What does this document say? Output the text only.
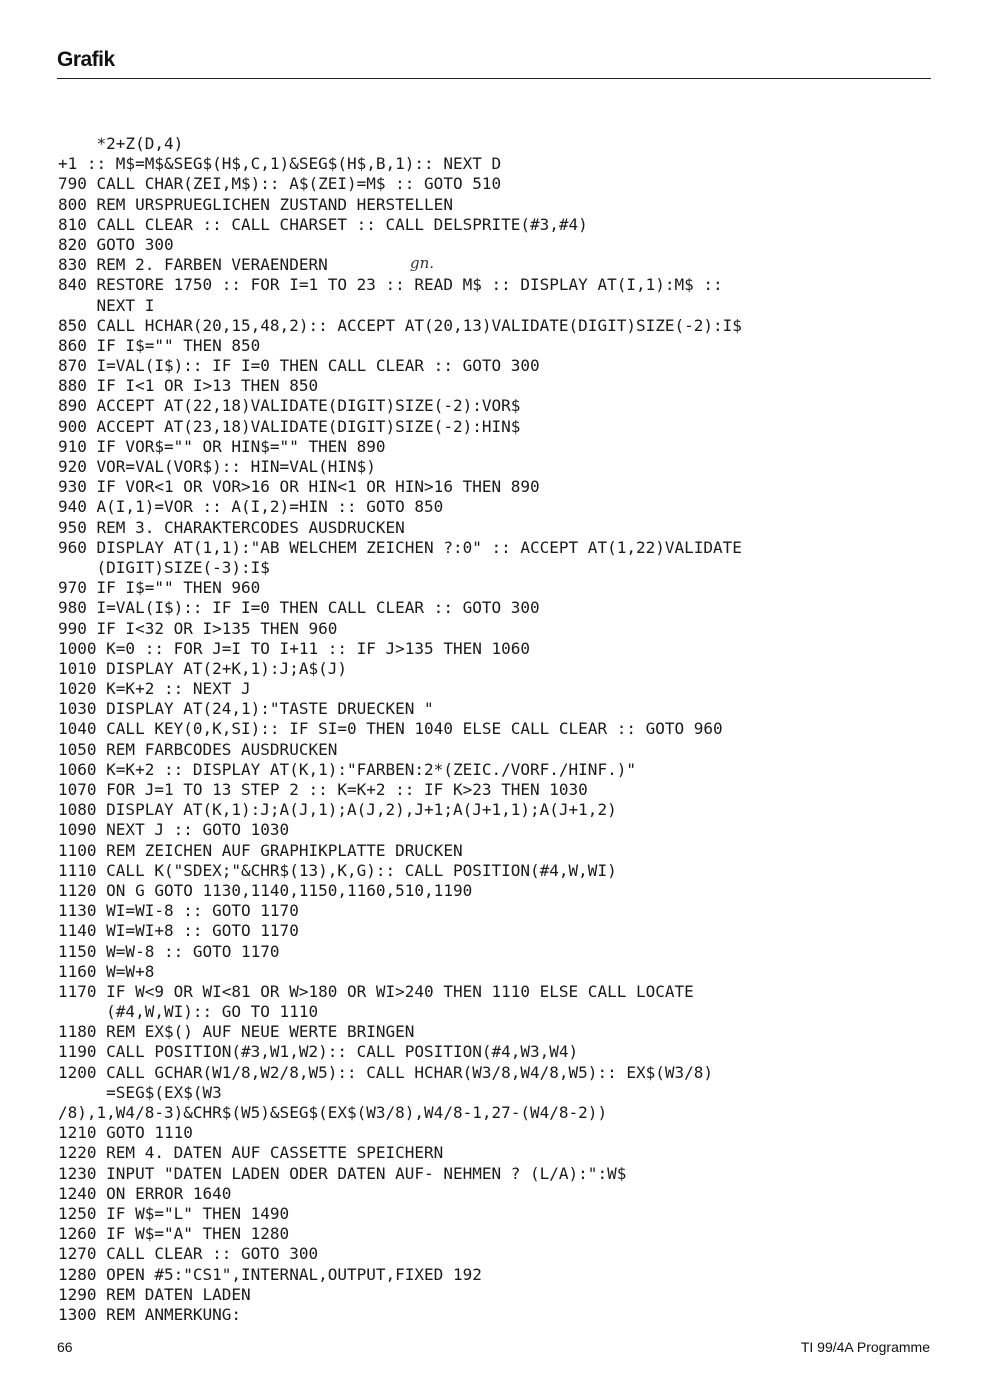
Grafik
*2+Z(D,4)
+1 :: M$=M$&SEG$(H$,C,1)&SEG$(H$,B,1):: NEXT D
790 CALL CHAR(ZEI,M$):: A$(ZEI)=M$ :: GOTO 510
800 REM URSPRUEGLICHEN ZUSTAND HERSTELLEN
810 CALL CLEAR :: CALL CHARSET :: CALL DELSPRITE(#3,#4)
820 GOTO 300
830 REM 2. FARBEN VERAENDERN
840 RESTORE 1750 :: FOR I=1 TO 23 :: READ M$ :: DISPLAY AT(I,1):M$ ::
NEXT I
850 CALL HCHAR(20,15,48,2):: ACCEPT AT(20,13)VALIDATE(DIGIT)SIZE(-2):I$
860 IF I$="" THEN 850
870 I=VAL(I$):: IF I=0 THEN CALL CLEAR :: GOTO 300
880 IF I<1 OR I>13 THEN 850
890 ACCEPT AT(22,18)VALIDATE(DIGIT)SIZE(-2):VOR$
900 ACCEPT AT(23,18)VALIDATE(DIGIT)SIZE(-2):HIN$
910 IF VOR$="" OR HIN$="" THEN 890
920 VOR=VAL(VOR$):: HIN=VAL(HIN$)
930 IF VOR<1 OR VOR>16 OR HIN<1 OR HIN>16 THEN 890
940 A(I,1)=VOR :: A(I,2)=HIN :: GOTO 850
950 REM 3. CHARAKTERCODES AUSDRUCKEN
960 DISPLAY AT(1,1):"AB WELCHEM ZEICHEN ?:0" :: ACCEPT AT(1,22)VALIDATE
(DIGIT)SIZE(-3):I$
970 IF I$="" THEN 960
980 I=VAL(I$):: IF I=0 THEN CALL CLEAR :: GOTO 300
990 IF I<32 OR I>135 THEN 960
1000 K=0 :: FOR J=I TO I+11 :: IF J>135 THEN 1060
1010 DISPLAY AT(2+K,1):J;A$(J)
1020 K=K+2 :: NEXT J
1030 DISPLAY AT(24,1):"TASTE DRUECKEN "
1040 CALL KEY(0,K,SI):: IF SI=0 THEN 1040 ELSE CALL CLEAR :: GOTO 960
1050 REM FARBCODES AUSDRUCKEN
1060 K=K+2 :: DISPLAY AT(K,1):"FARBEN:2*(ZEIC./VORF./HINF.)"
1070 FOR J=1 TO 13 STEP 2 :: K=K+2 :: IF K>23 THEN 1030
1080 DISPLAY AT(K,1):J;A(J,1);A(J,2),J+1;A(J+1,1);A(J+1,2)
1090 NEXT J :: GOTO 1030
1100 REM ZEICHEN AUF GRAPHIKPLATTE DRUCKEN
1110 CALL K("SDEX;"&CHR$(13),K,G):: CALL POSITION(#4,W,WI)
1120 ON G GOTO 1130,1140,1150,1160,510,1190
1130 WI=WI-8 :: GOTO 1170
1140 WI=WI+8 :: GOTO 1170
1150 W=W-8 :: GOTO 1170
1160 W=W+8
1170 IF W<9 OR WI<81 OR W>180 OR WI>240 THEN 1110 ELSE CALL LOCATE
(#4,W,WI):: GO TO 1110
1180 REM EX$() AUF NEUE WERTE BRINGEN
1190 CALL POSITION(#3,W1,W2):: CALL POSITION(#4,W3,W4)
1200 CALL GCHAR(W1/8,W2/8,W5):: CALL HCHAR(W3/8,W4/8,W5):: EX$(W3/8)
=SEG$(EX$(W3
/8),1,W4/8-3)&CHR$(W5)&SEG$(EX$(W3/8),W4/8-1,27-(W4/8-2))
1210 GOTO 1110
1220 REM 4. DATEN AUF CASSETTE SPEICHERN
1230 INPUT "DATEN LADEN ODER DATEN AUF- NEHMEN ? (L/A):":W$
1240 ON ERROR 1640
1250 IF W$="L" THEN 1490
1260 IF W$="A" THEN 1280
1270 CALL CLEAR :: GOTO 300
1280 OPEN #5:"CS1",INTERNAL,OUTPUT,FIXED 192
1290 REM DATEN LADEN
1300 REM ANMERKUNG:
gn.
66	TI 99/4A Programme
